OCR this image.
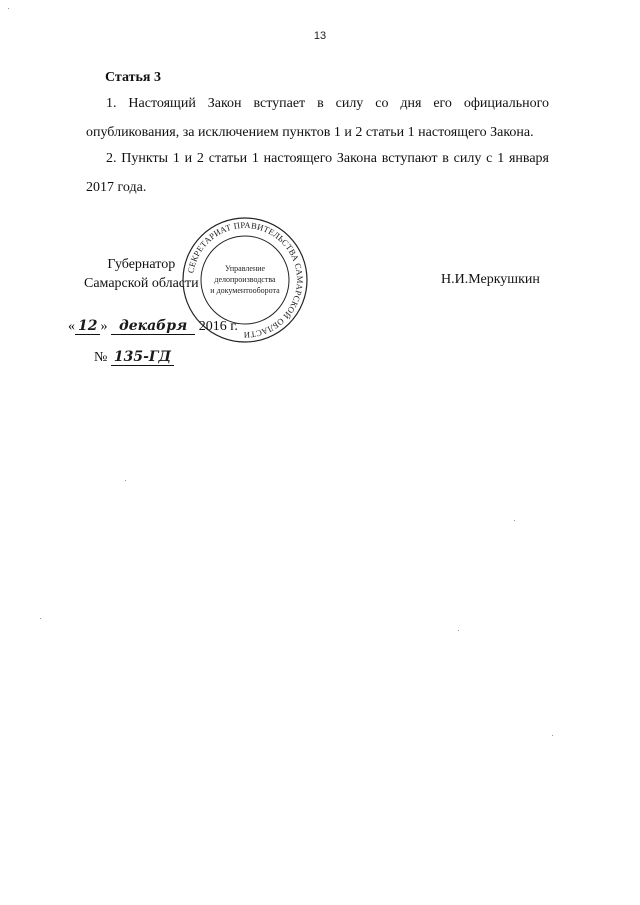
13
Статья 3
1. Настоящий Закон вступает в силу со дня его официального опубликования, за исключением пунктов 1 и 2 статьи 1 настоящего Закона.
2. Пункты 1 и 2 статьи 1 настоящего Закона вступают в силу с 1 января 2017 года.
Губернатор
Самарской области	Н.И.Меркушкин
СЕКРЕТАРИАТ ПРАВИТЕЛЬСТВА САМАРСКОЙ ОБЛАСТИ
Управление
делопроизводства
и документооборота
« 12 » декабря 2016 г.
№ 135-ГД
